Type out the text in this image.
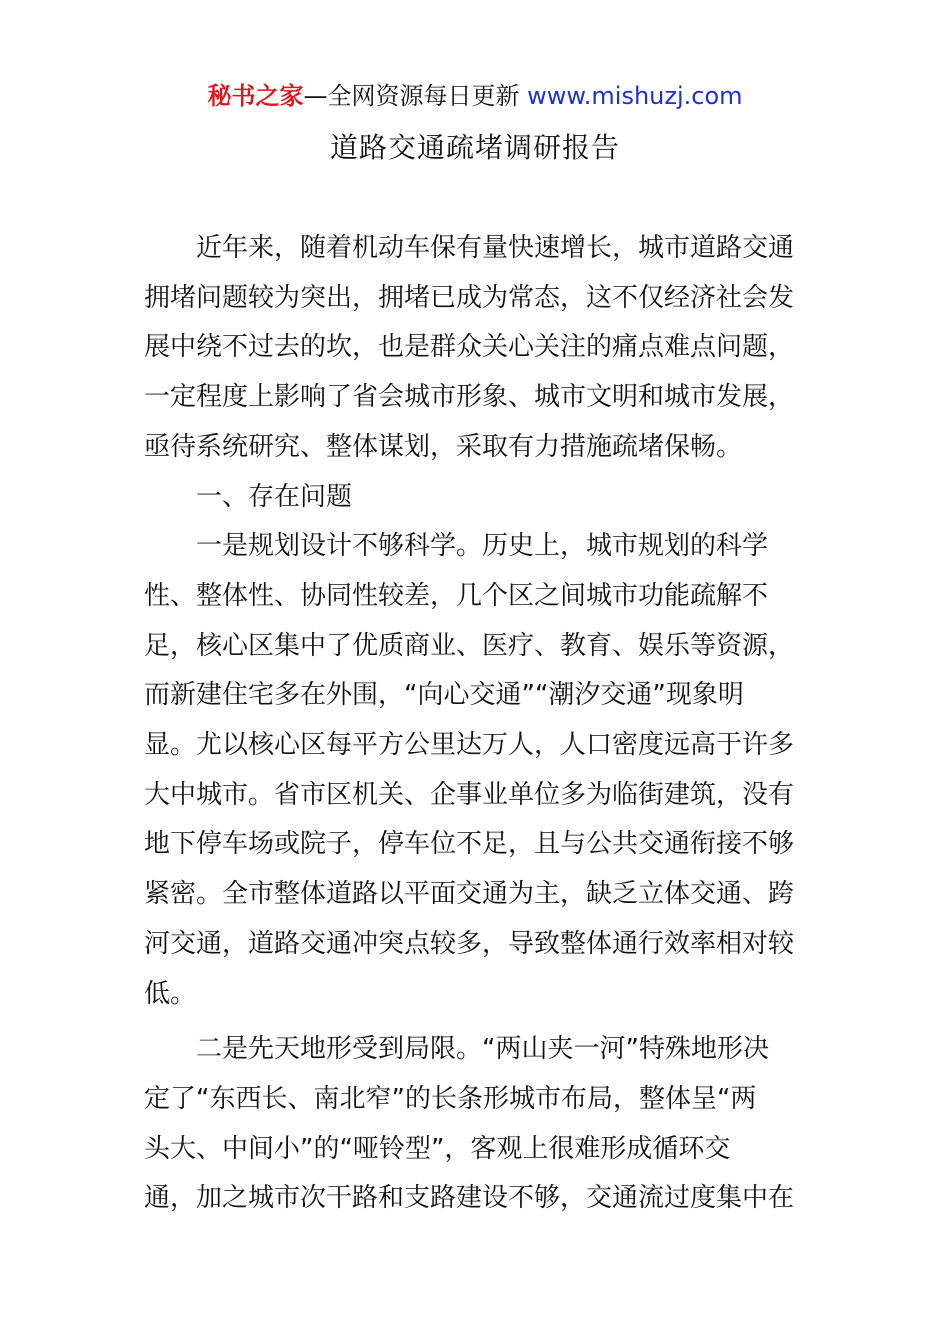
秘书之家—全网资源每日更新 www.mishuzj.com
道路交通疏堵调研报告

近年来，随着机动车保有量快速增长，城市道路交通
拥堵问题较为突出，拥堵已成为常态，这不仅经济社会发
展中绕不过去的坎，也是群众关心关注的痛点难点问题，
一定程度上影响了省会城市形象、城市文明和城市发展，
亟待系统研究、整体谋划，采取有力措施疏堵保畅。

一、存在问题

一是规划设计不够科学。历史上，城市规划的科学
性、整体性、协同性较差，几个区之间城市功能疏解不
足，核心区集中了优质商业、医疗、教育、娱乐等资源，
而新建住宅多在外围，“向心交通”“潮汐交通”现象明
显。尤以核心区每平方公里达万人，人口密度远高于许多
大中城市。省市区机关、企事业单位多为临街建筑，没有
地下停车场或院子，停车位不足，且与公共交通衔接不够
紧密。全市整体道路以平面交通为主，缺乏立体交通、跨
河交通，道路交通冲突点较多，导致整体通行效率相对较
低。

二是先天地形受到局限。“两山夹一河”特殊地形决
定了“东西长、南北窄”的长条形城市布局，整体呈“两
头大、中间小”的“哑铃型”，客观上很难形成循环交
通，加之城市次干路和支路建设不够，交通流过度集中在
